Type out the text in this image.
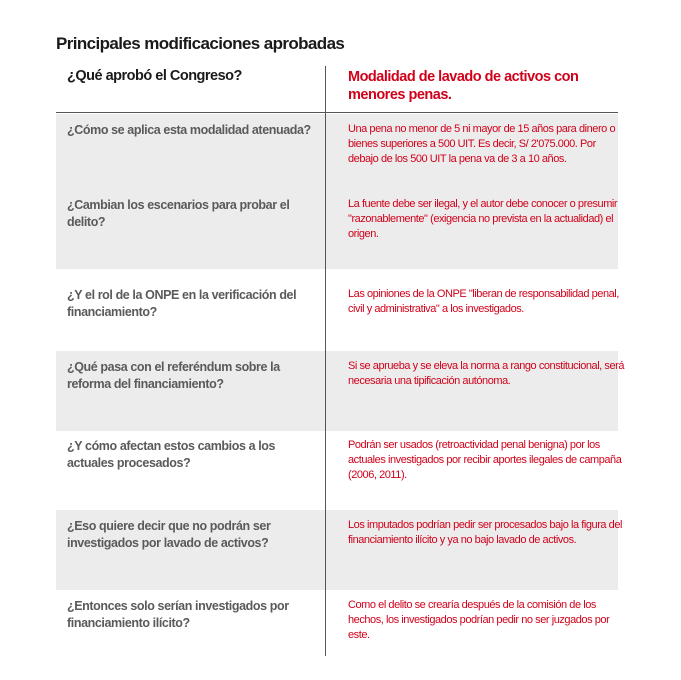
Principales modificaciones aprobadas
¿Qué aprobó el Congreso?	Modalidad de lavado de activos con menores penas.
¿Cómo se aplica esta modalidad atenuada?	Una pena no menor de 5 ni mayor de 15 años para dinero o bienes superiores a 500 UIT. Es decir, S/ 2'075.000. Por debajo de los 500 UIT la pena va de 3 a 10 años.
¿Cambian los escenarios para probar el delito?
La fuente debe ser ilegal, y el autor debe conocer o presumir "razonablemente" (exigencia no prevista en la actualidad) el origen.
¿Y el rol de la ONPE en la verificación del financiamiento?
Las opiniones de la ONPE "liberan de responsabilidad penal, civil y administrativa" a los investigados.
¿Qué pasa con el referéndum sobre la reforma del financiamiento?
Si se aprueba y se eleva la norma a rango constitucional, será necesaria una tipificación autónoma.
¿Y cómo afectan estos cambios a los actuales procesados?
Podrán ser usados (retroactividad penal benigna) por los actuales investigados por recibir aportes ilegales de campaña (2006, 2011).
¿Eso quiere decir que no podrán ser investigados por lavado de activos?
Los imputados podrían pedir ser procesados bajo la figura del financiamiento ilícito y ya no bajo lavado de activos.
¿Entonces solo serían investigados por financiamiento ilícito?
Como el delito se crearía después de la comisión de los hechos, los investigados podrían pedir no ser juzgados por este.
